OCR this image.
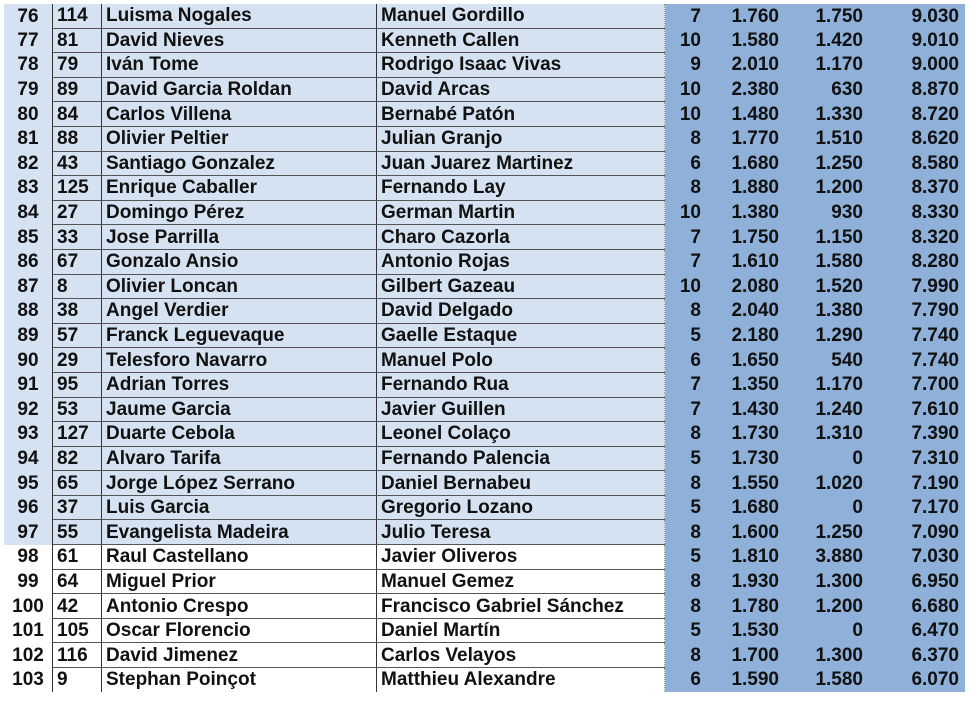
76	114	Luisma Nogales	Manuel Gordillo	7	1.760	1.750	9.030
77	81	David Nieves	Kenneth Callen	10	1.580	1.420	9.010
78	79	Iván Tome	Rodrigo Isaac Vivas	9	2.010	1.170	9.000
79	89	David Garcia Roldan	David Arcas	10	2.380	630	8.870
80	84	Carlos Villena	Bernabé Patón	10	1.480	1.330	8.720
81	88	Olivier Peltier	Julian Granjo	8	1.770	1.510	8.620
82	43	Santiago Gonzalez	Juan Juarez Martinez	6	1.680	1.250	8.580
83	125	Enrique Caballer	Fernando Lay	8	1.880	1.200	8.370
84	27	Domingo Pérez	German Martin	10	1.380	930	8.330
85	33	Jose Parrilla	Charo Cazorla	7	1.750	1.150	8.320
86	67	Gonzalo Ansio	Antonio Rojas	7	1.610	1.580	8.280
87	8	Olivier Loncan	Gilbert Gazeau	10	2.080	1.520	7.990
88	38	Angel Verdier	David Delgado	8	2.040	1.380	7.790
89	57	Franck Leguevaque	Gaelle Estaque	5	2.180	1.290	7.740
90	29	Telesforo Navarro	Manuel Polo	6	1.650	540	7.740
91	95	Adrian Torres	Fernando Rua	7	1.350	1.170	7.700
92	53	Jaume Garcia	Javier Guillen	7	1.430	1.240	7.610
93	127	Duarte Cebola	Leonel Colaço	8	1.730	1.310	7.390
94	82	Alvaro Tarifa	Fernando Palencia	5	1.730	0	7.310
95	65	Jorge López Serrano	Daniel Bernabeu	8	1.550	1.020	7.190
96	37	Luis Garcia	Gregorio Lozano	5	1.680	0	7.170
97	55	Evangelista Madeira	Julio Teresa	8	1.600	1.250	7.090
98	61	Raul Castellano	Javier Oliveros	5	1.810	3.880	7.030
99	64	Miguel Prior	Manuel Gemez	8	1.930	1.300	6.950
100	42	Antonio Crespo	Francisco Gabriel Sánchez	8	1.780	1.200	6.680
101	105	Oscar Florencio	Daniel Martín	5	1.530	0	6.470
102	116	David Jimenez	Carlos Velayos	8	1.700	1.300	6.370
103	9	Stephan Poinçot	Matthieu Alexandre	6	1.590	1.580	6.070
